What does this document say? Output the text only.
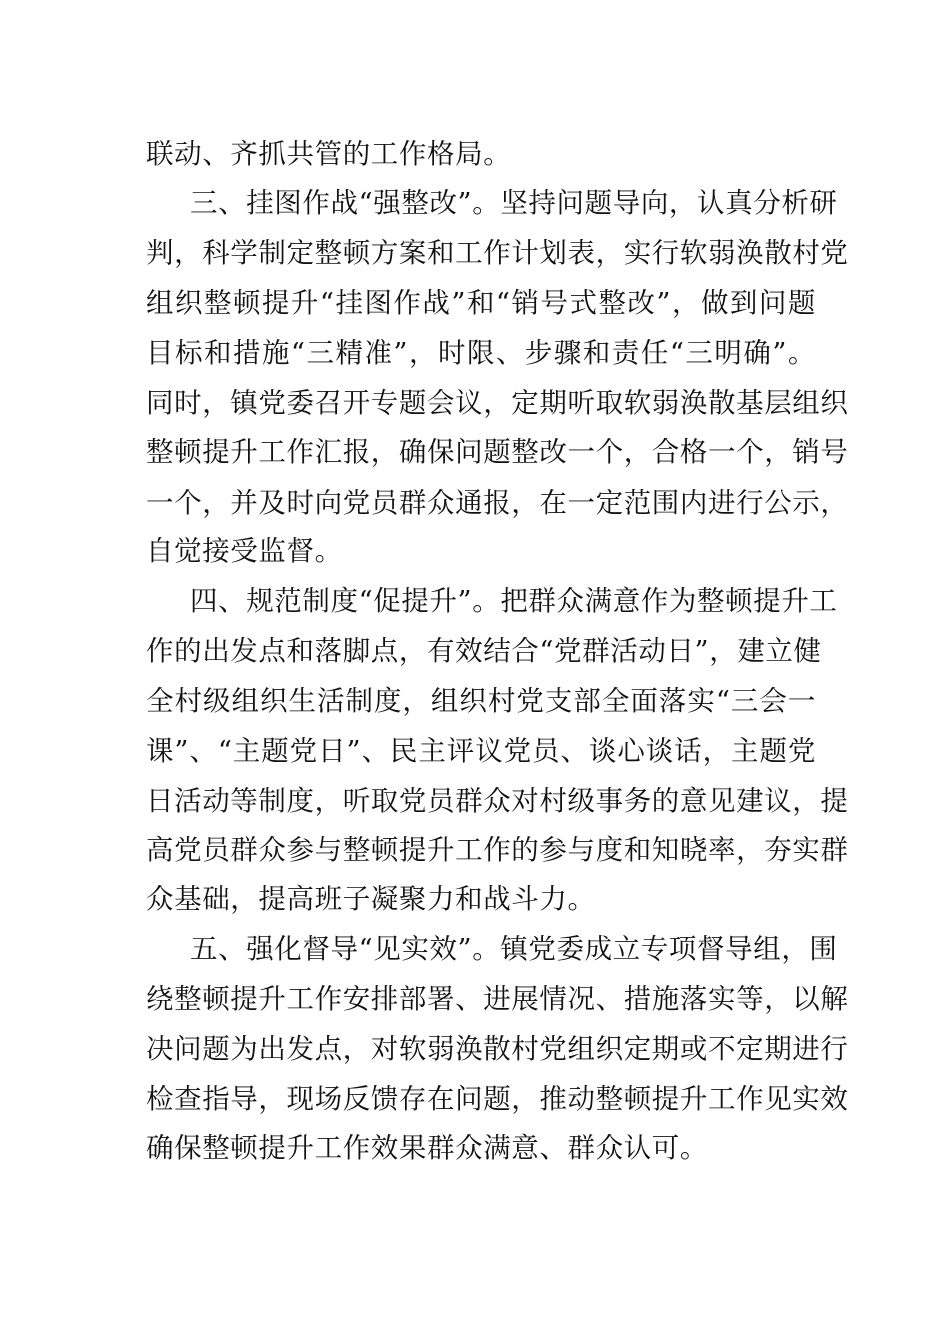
联动、齐抓共管的工作格局。
三、挂图作战“强整改”。坚持问题导向，认真分析研
判，科学制定整顿方案和工作计划表，实行软弱涣散村党
组织整顿提升“挂图作战”和“销号式整改”，做到问题
目标和措施“三精准”，时限、步骤和责任“三明确”。
同时，镇党委召开专题会议，定期听取软弱涣散基层组织
整顿提升工作汇报，确保问题整改一个，合格一个，销号
一个，并及时向党员群众通报，在一定范围内进行公示，
自觉接受监督。
四、规范制度“促提升”。把群众满意作为整顿提升工
作的出发点和落脚点，有效结合“党群活动日”，建立健
全村级组织生活制度，组织村党支部全面落实“三会一
课”、“主题党日”、民主评议党员、谈心谈话，主题党
日活动等制度，听取党员群众对村级事务的意见建议，提
高党员群众参与整顿提升工作的参与度和知晓率，夯实群
众基础，提高班子凝聚力和战斗力。
五、强化督导“见实效”。镇党委成立专项督导组，围
绕整顿提升工作安排部署、进展情况、措施落实等，以解
决问题为出发点，对软弱涣散村党组织定期或不定期进行
检查指导，现场反馈存在问题，推动整顿提升工作见实效
确保整顿提升工作效果群众满意、群众认可。
